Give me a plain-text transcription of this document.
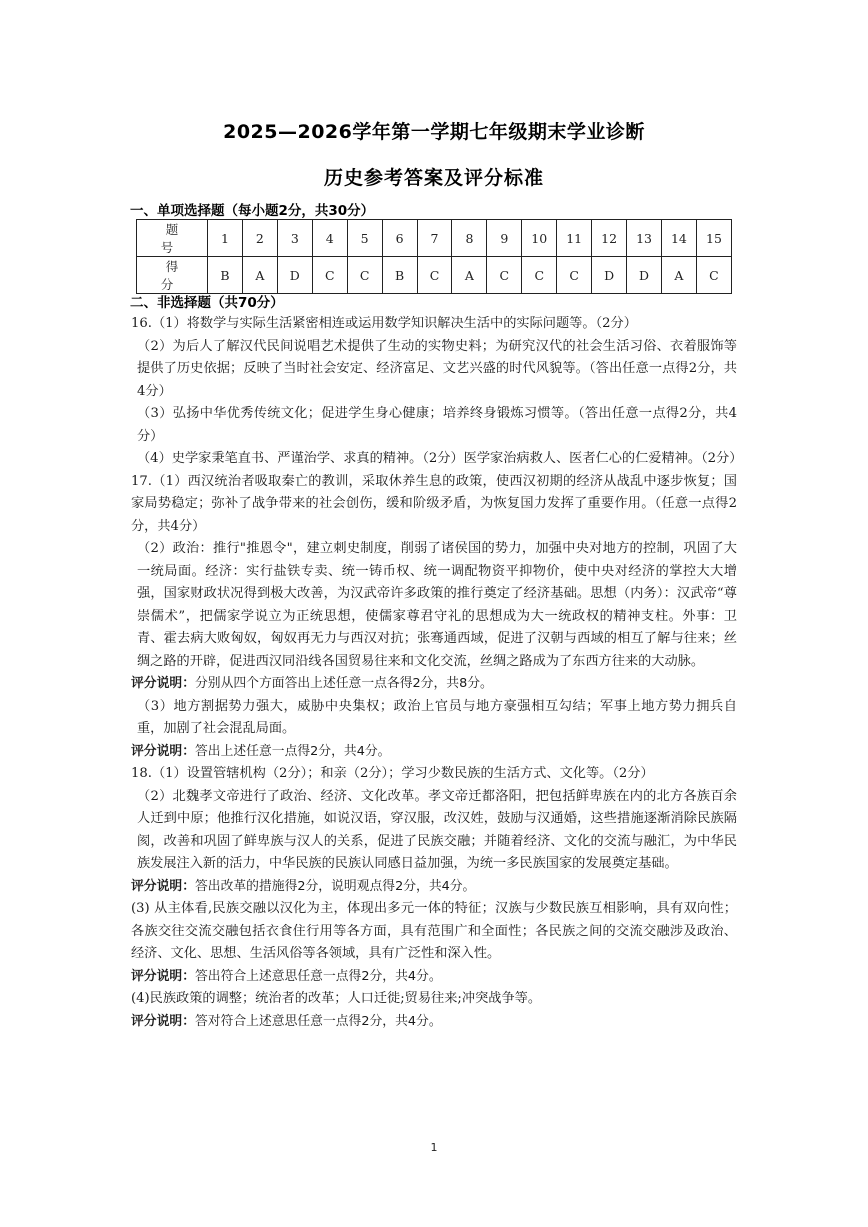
2025—2026学年第一学期七年级期末学业诊断
历史参考答案及评分标准
一、单项选择题（每小题2分，共30分）
题　号	1	2	3	4	5	6	7	8	9	10	11	12	13	14	15
得　分	B	A	D	C	C	B	C	A	C	C	C	D	D	A	C
二、非选择题（共70分）

16.（1）将数学与实际生活紧密相连或运用数学知识解决生活中的实际问题等。（2分）

（2）为后人了解汉代民间说唱艺术提供了生动的实物史料；为研究汉代的社会生活习俗、衣着服饰等提供了历史依据；反映了当时社会安定、经济富足、文艺兴盛的时代风貌等。（答出任意一点得2分，共4分）

（3）弘扬中华优秀传统文化；促进学生身心健康；培养终身锻炼习惯等。（答出任意一点得2分，共4分）

（4）史学家秉笔直书、严谨治学、求真的精神。（2分）医学家治病救人、医者仁心的仁爱精神。（2分）

17.（1）西汉统治者吸取秦亡的教训，采取休养生息的政策，使西汉初期的经济从战乱中逐步恢复；国家局势稳定；弥补了战争带来的社会创伤，缓和阶级矛盾，为恢复国力发挥了重要作用。（任意一点得2分，共4分）

（2）政治：推行"推恩令"，建立刺史制度，削弱了诸侯国的势力，加强中央对地方的控制，巩固了大一统局面。经济：实行盐铁专卖、统一铸币权、统一调配物资平抑物价，使中央对经济的掌控大大增强，国家财政状况得到极大改善，为汉武帝许多政策的推行奠定了经济基础。思想（内务）：汉武帝“尊崇儒术”，把儒家学说立为正统思想，使儒家尊君守礼的思想成为大一统政权的精神支柱。外事：卫青、霍去病大败匈奴，匈奴再无力与西汉对抗；张骞通西域，促进了汉朝与西域的相互了解与往来；丝绸之路的开辟，促进西汉同沿线各国贸易往来和文化交流，丝绸之路成为了东西方往来的大动脉。

评分说明：分别从四个方面答出上述任意一点各得2分，共8分。

（3）地方割据势力强大，威胁中央集权；政治上官员与地方豪强相互勾结；军事上地方势力拥兵自重，加剧了社会混乱局面。

评分说明：答出上述任意一点得2分，共4分。

18.（1）设置管辖机构（2分）；和亲（2分）；学习少数民族的生活方式、文化等。（2分）

（2）北魏孝文帝进行了政治、经济、文化改革。孝文帝迁都洛阳，把包括鲜卑族在内的北方各族百余人迁到中原；他推行汉化措施，如说汉语，穿汉服，改汉姓，鼓励与汉通婚，这些措施逐渐消除民族隔阂，改善和巩固了鲜卑族与汉人的关系，促进了民族交融；并随着经济、文化的交流与融汇，为中华民族发展注入新的活力，中华民族的民族认同感日益加强，为统一多民族国家的发展奠定基础。

评分说明：答出改革的措施得2分，说明观点得2分，共4分。

(3) 从主体看,民族交融以汉化为主，体现出多元一体的特征；汉族与少数民族互相影响，具有双向性；各族交往交流交融包括衣食住行用等各方面，具有范围广和全面性；各民族之间的交流交融涉及政治、经济、文化、思想、生活风俗等各领域，具有广泛性和深入性。

评分说明：答出符合上述意思任意一点得2分，共4分。

(4)民族政策的调整；统治者的改革；人口迁徙;贸易往来;冲突战争等。

评分说明：答对符合上述意思任意一点得2分，共4分。

1
